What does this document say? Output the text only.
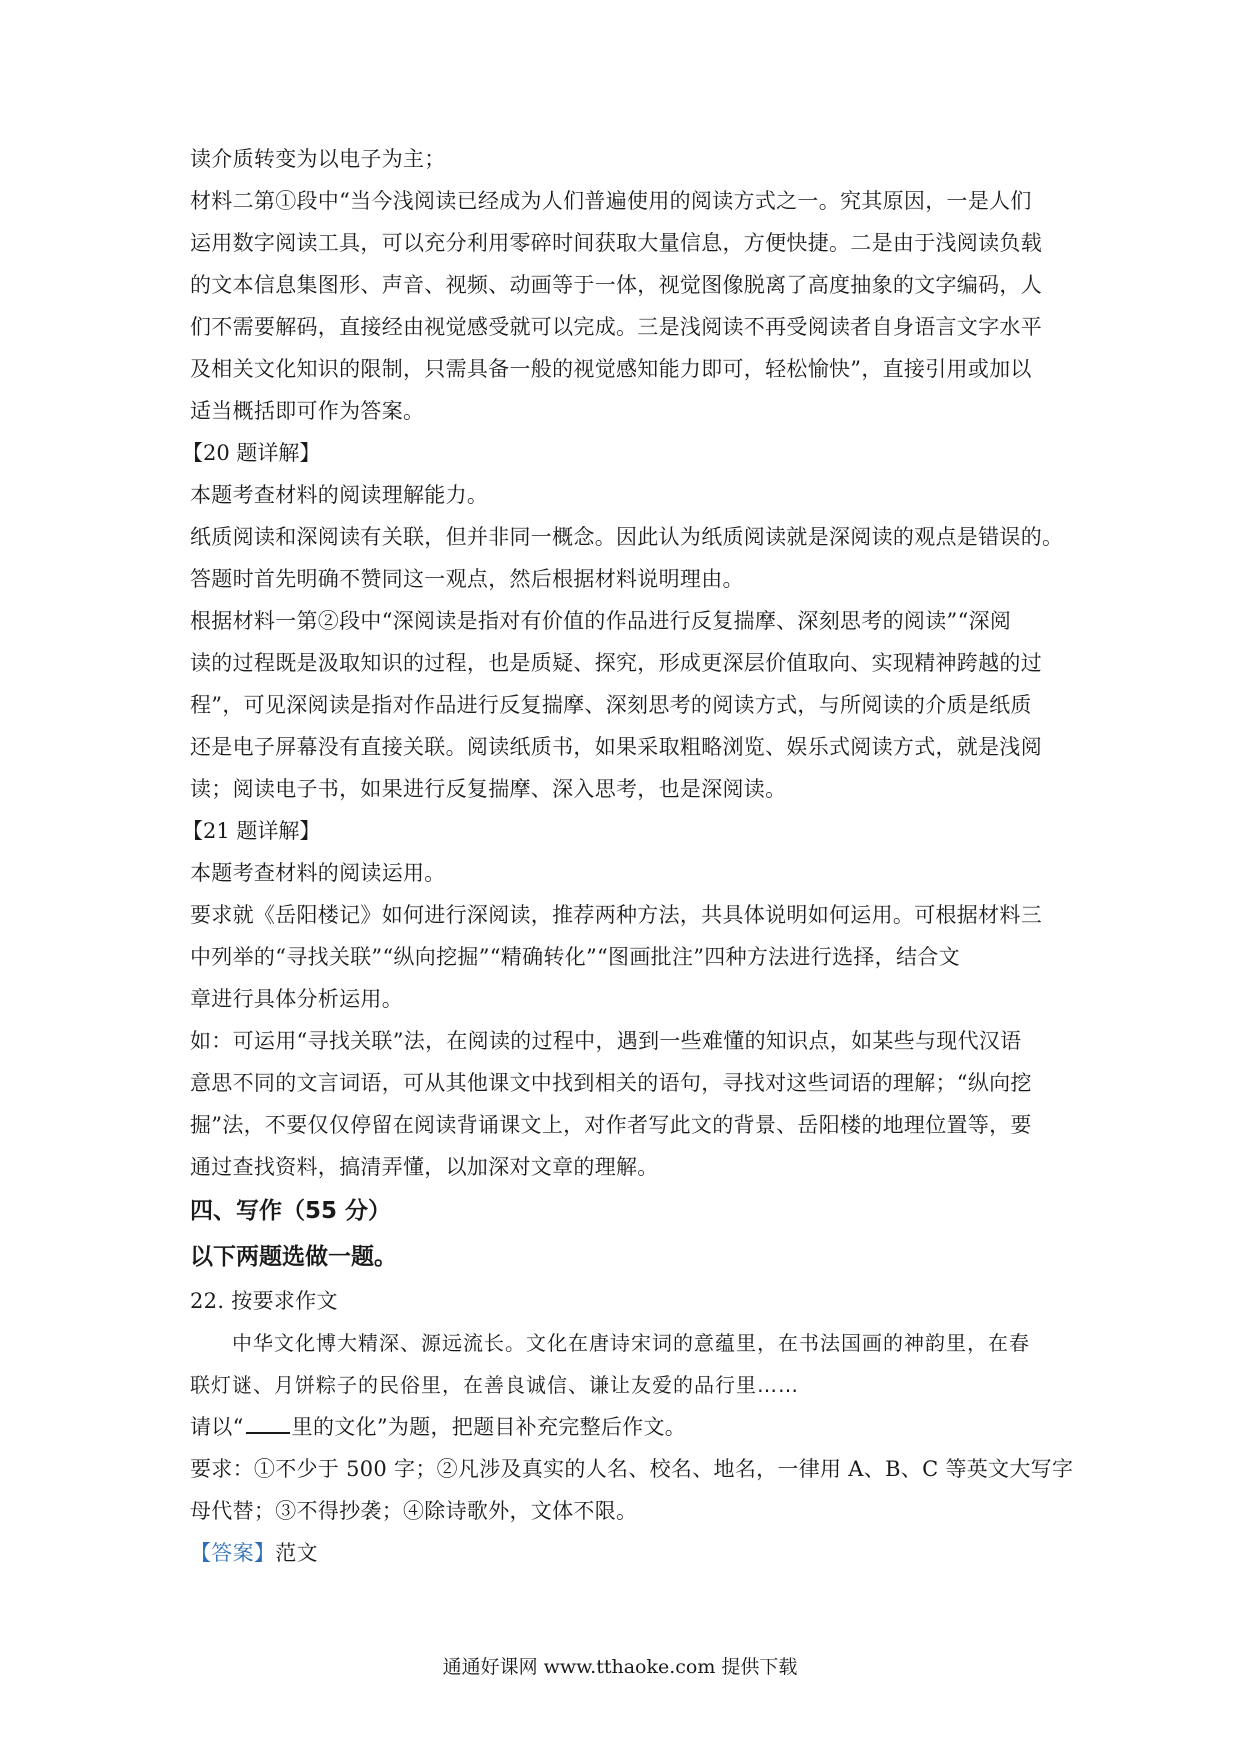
读介质转变为以电子为主；
材料二第①段中“当今浅阅读已经成为人们普遍使用的阅读方式之一。究其原因，一是人们
运用数字阅读工具，可以充分利用零碎时间获取大量信息，方便快捷。二是由于浅阅读负载
的文本信息集图形、声音、视频、动画等于一体，视觉图像脱离了高度抽象的文字编码，人
们不需要解码，直接经由视觉感受就可以完成。三是浅阅读不再受阅读者自身语言文字水平
及相关文化知识的限制，只需具备一般的视觉感知能力即可，轻松愉快”，直接引用或加以
适当概括即可作为答案。
【20 题详解】
本题考查材料的阅读理解能力。
纸质阅读和深阅读有关联，但并非同一概念。因此认为纸质阅读就是深阅读的观点是错误的。
答题时首先明确不赞同这一观点，然后根据材料说明理由。
根据材料一第②段中“深阅读是指对有价值的作品进行反复揣摩、深刻思考的阅读”“深阅
读的过程既是汲取知识的过程，也是质疑、探究，形成更深层价值取向、实现精神跨越的过
程”，可见深阅读是指对作品进行反复揣摩、深刻思考的阅读方式，与所阅读的介质是纸质
还是电子屏幕没有直接关联。阅读纸质书，如果采取粗略浏览、娱乐式阅读方式，就是浅阅
读；阅读电子书，如果进行反复揣摩、深入思考，也是深阅读。
【21 题详解】
本题考查材料的阅读运用。
要求就《岳阳楼记》如何进行深阅读，推荐两种方法，共具体说明如何运用。可根据材料三
中列举的“寻找关联”“纵向挖掘”“精确转化”“图画批注”四种方法进行选择，结合文
章进行具体分析运用。
如：可运用“寻找关联”法，在阅读的过程中，遇到一些难懂的知识点，如某些与现代汉语
意思不同的文言词语，可从其他课文中找到相关的语句，寻找对这些词语的理解；“纵向挖
掘”法，不要仅仅停留在阅读背诵课文上，对作者写此文的背景、岳阳楼的地理位置等，要
通过查找资料，搞清弄懂，以加深对文章的理解。
四、写作（55 分）
以下两题选做一题。
22. 按要求作文
中华文化博大精深、源远流长。文化在唐诗宋词的意蕴里，在书法国画的神韵里，在春
联灯谜、月饼粽子的民俗里，在善良诚信、谦让友爱的品行里……
请以“ 里的文化”为题，把题目补充完整后作文。
要求：①不少于 500 字；②凡涉及真实的人名、校名、地名，一律用 A、B、C 等英文大写字
母代替；③不得抄袭；④除诗歌外，文体不限。
【答案】范文
通通好课网 www.tthaoke.com 提供下载
